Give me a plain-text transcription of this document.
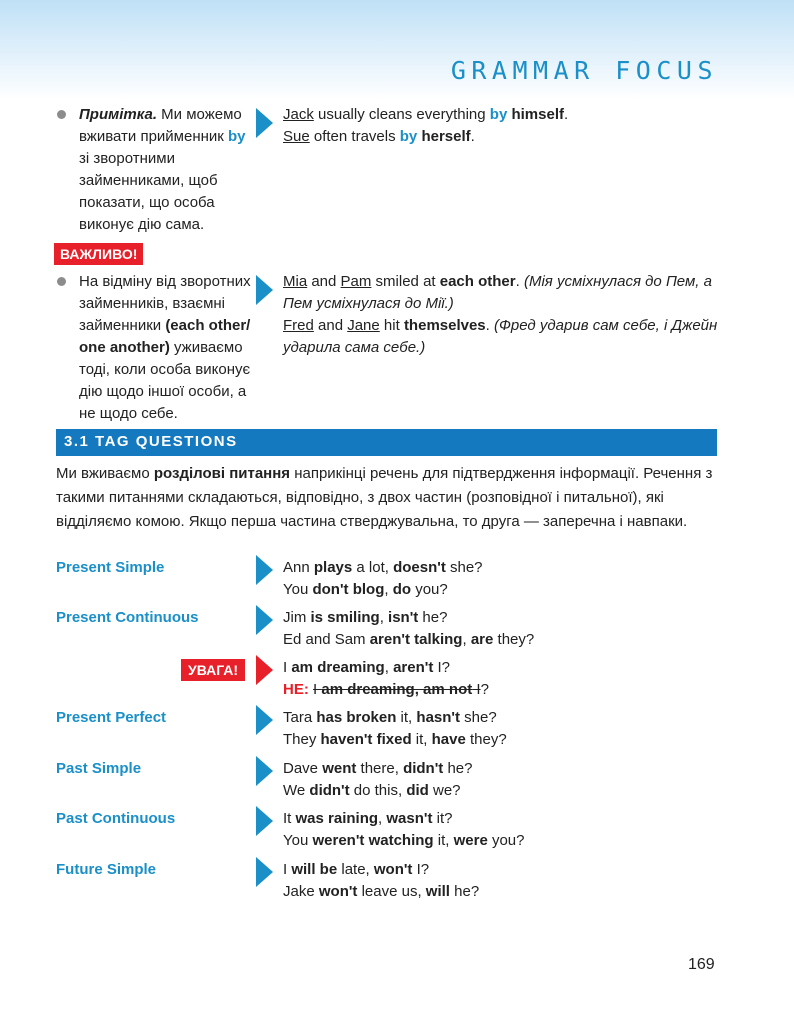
GRAMMAR FOCUS
Примітка. Ми можемо вживати прийменник by зі зворотними займенниками, щоб показати, що особа виконує дію сама.
Jack usually cleans everything by himself.
Sue often travels by herself.
ВАЖЛИВО!
На відміну від зворотних займенників, взаємні займенники (each other/ one another) уживаємо тоді, коли особа виконує дію щодо іншої особи, а не щодо себе.
Mia and Pam smiled at each other. (Мія усміхнулася до Пем, а Пем усміхнулася до Мії.)
Fred and Jane hit themselves. (Фред ударив сам себе, і Джейн ударила сама себе.)
3.1 TAG QUESTIONS
Ми вживаємо розділові питання наприкінці речень для підтвердження інформації. Речення з такими питаннями складаються, відповідно, з двох частин (розповідної і питальної), які відділяємо комою. Якщо перша частина стверджувальна, то друга — заперечна і навпаки.
Present Simple	Ann plays a lot, doesn't she?
You don't blog, do you?
Present Continuous	Jim is smiling, isn't he?
Ed and Sam aren't talking, are they?
УВАГА!	I am dreaming, aren't I?
НЕ: I am dreaming, am not I?
Present Perfect	Tara has broken it, hasn't she?
They haven't fixed it, have they?
Past Simple	Dave went there, didn't he?
We didn't do this, did we?
Past Continuous	It was raining, wasn't it?
You weren't watching it, were you?
Future Simple	I will be late, won't I?
Jake won't leave us, will he?
169
